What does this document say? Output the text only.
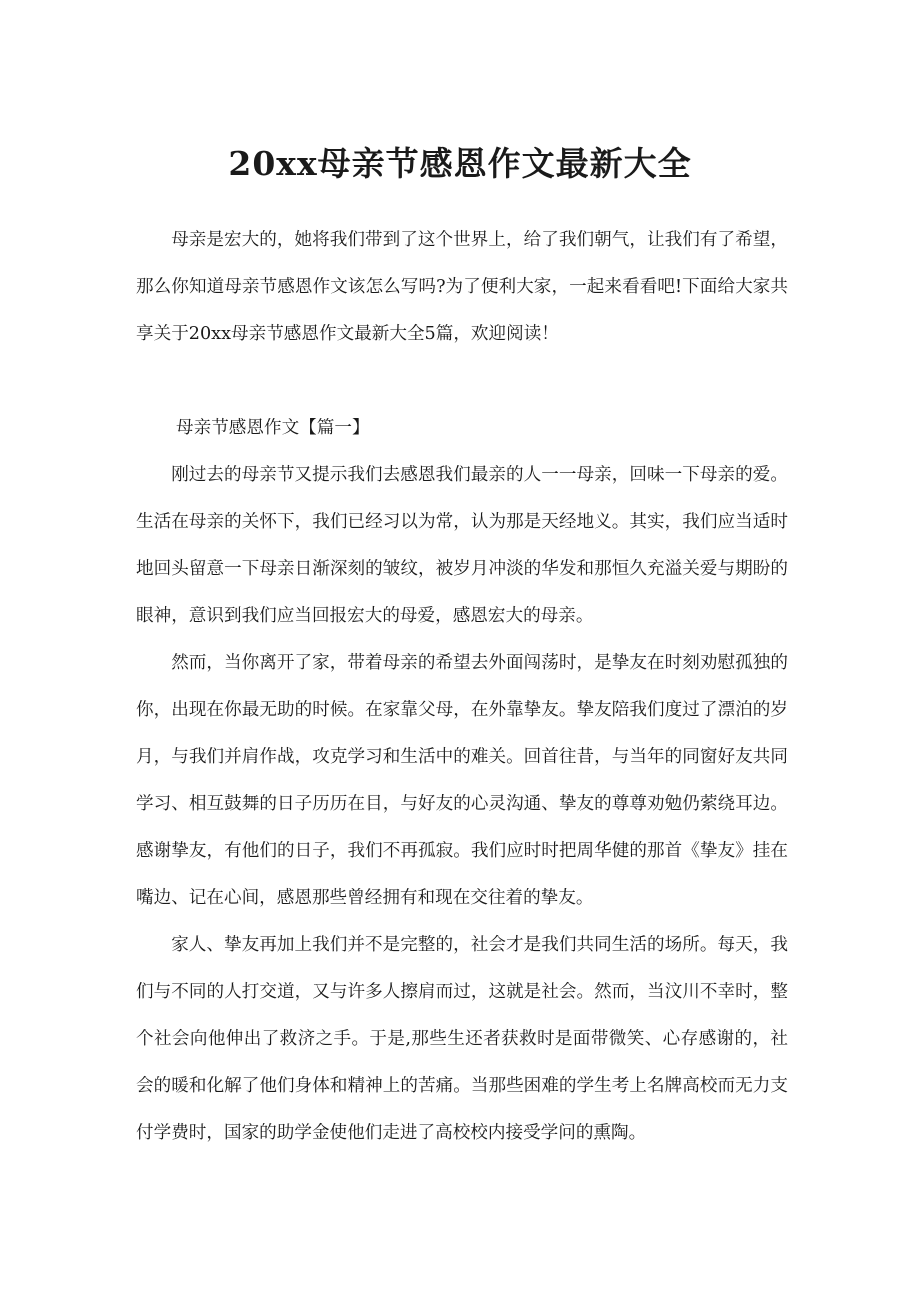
20xx母亲节感恩作文最新大全

母亲是宏大的，她将我们带到了这个世界上，给了我们朝气，让我们有了希望，那么你知道母亲节感恩作文该怎么写吗?为了便利大家，一起来看看吧!下面给大家共享关于20xx母亲节感恩作文最新大全5篇，欢迎阅读！

母亲节感恩作文【篇一】

刚过去的母亲节又提示我们去感恩我们最亲的人一一母亲，回味一下母亲的爱。生活在母亲的关怀下，我们已经习以为常，认为那是天经地义。其实，我们应当适时地回头留意一下母亲日渐深刻的皱纹，被岁月冲淡的华发和那恒久充溢关爱与期盼的眼神，意识到我们应当回报宏大的母爱，感恩宏大的母亲。

然而，当你离开了家，带着母亲的希望去外面闯荡时，是挚友在时刻劝慰孤独的你，出现在你最无助的时候。在家靠父母，在外靠挚友。挚友陪我们度过了漂泊的岁月，与我们并肩作战，攻克学习和生活中的难关。回首往昔，与当年的同窗好友共同学习、相互鼓舞的日子历历在目，与好友的心灵沟通、挚友的尊尊劝勉仍萦绕耳边。感谢挚友，有他们的日子，我们不再孤寂。我们应时时把周华健的那首《挚友》挂在嘴边、记在心间，感恩那些曾经拥有和现在交往着的挚友。

家人、挚友再加上我们并不是完整的，社会才是我们共同生活的场所。每天，我们与不同的人打交道，又与许多人擦肩而过，这就是社会。然而，当汶川不幸时，整个社会向他伸出了救济之手。于是,那些生还者获救时是面带微笑、心存感谢的，社会的暖和化解了他们身体和精神上的苦痛。当那些困难的学生考上名牌高校而无力支付学费时，国家的助学金使他们走进了高校校内接受学问的熏陶。
